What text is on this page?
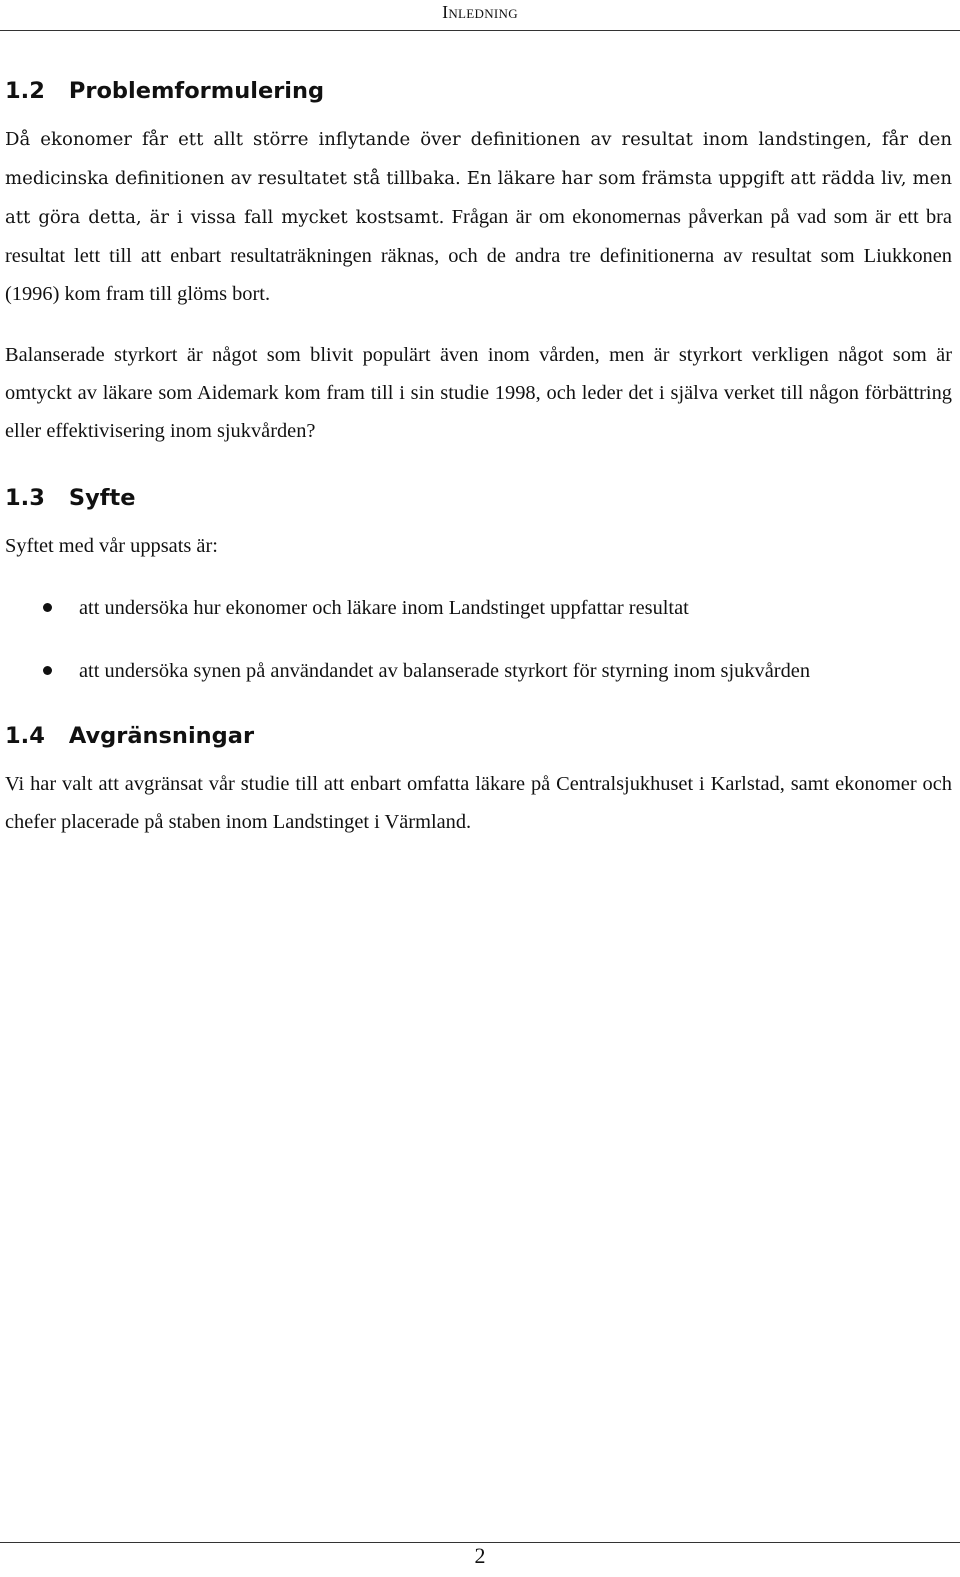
Inledning
1.2 Problemformulering

Då ekonomer får ett allt större inflytande över definitionen av resultat inom landstingen, får den medicinska definitionen av resultatet stå tillbaka. En läkare har som främsta uppgift att rädda liv, men att göra detta, är i vissa fall mycket kostsamt. Frågan är om ekonomernas påverkan på vad som är ett bra resultat lett till att enbart resultaträkningen räknas, och de andra tre definitionerna av resultat som Liukkonen (1996) kom fram till glöms bort.

Balanserade styrkort är något som blivit populärt även inom vården, men är styrkort verkligen något som är omtyckt av läkare som Aidemark kom fram till i sin studie 1998, och leder det i själva verket till någon förbättring eller effektivisering inom sjukvården?

1.3 Syfte

Syftet med vår uppsats är:

att undersöka hur ekonomer och läkare inom Landstinget uppfattar resultat
att undersöka synen på användandet av balanserade styrkort för styrning inom sjukvården
1.4 Avgränsningar

Vi har valt att avgränsat vår studie till att enbart omfatta läkare på Centralsjukhuset i Karlstad, samt ekonomer och chefer placerade på staben inom Landstinget i Värmland.

2
